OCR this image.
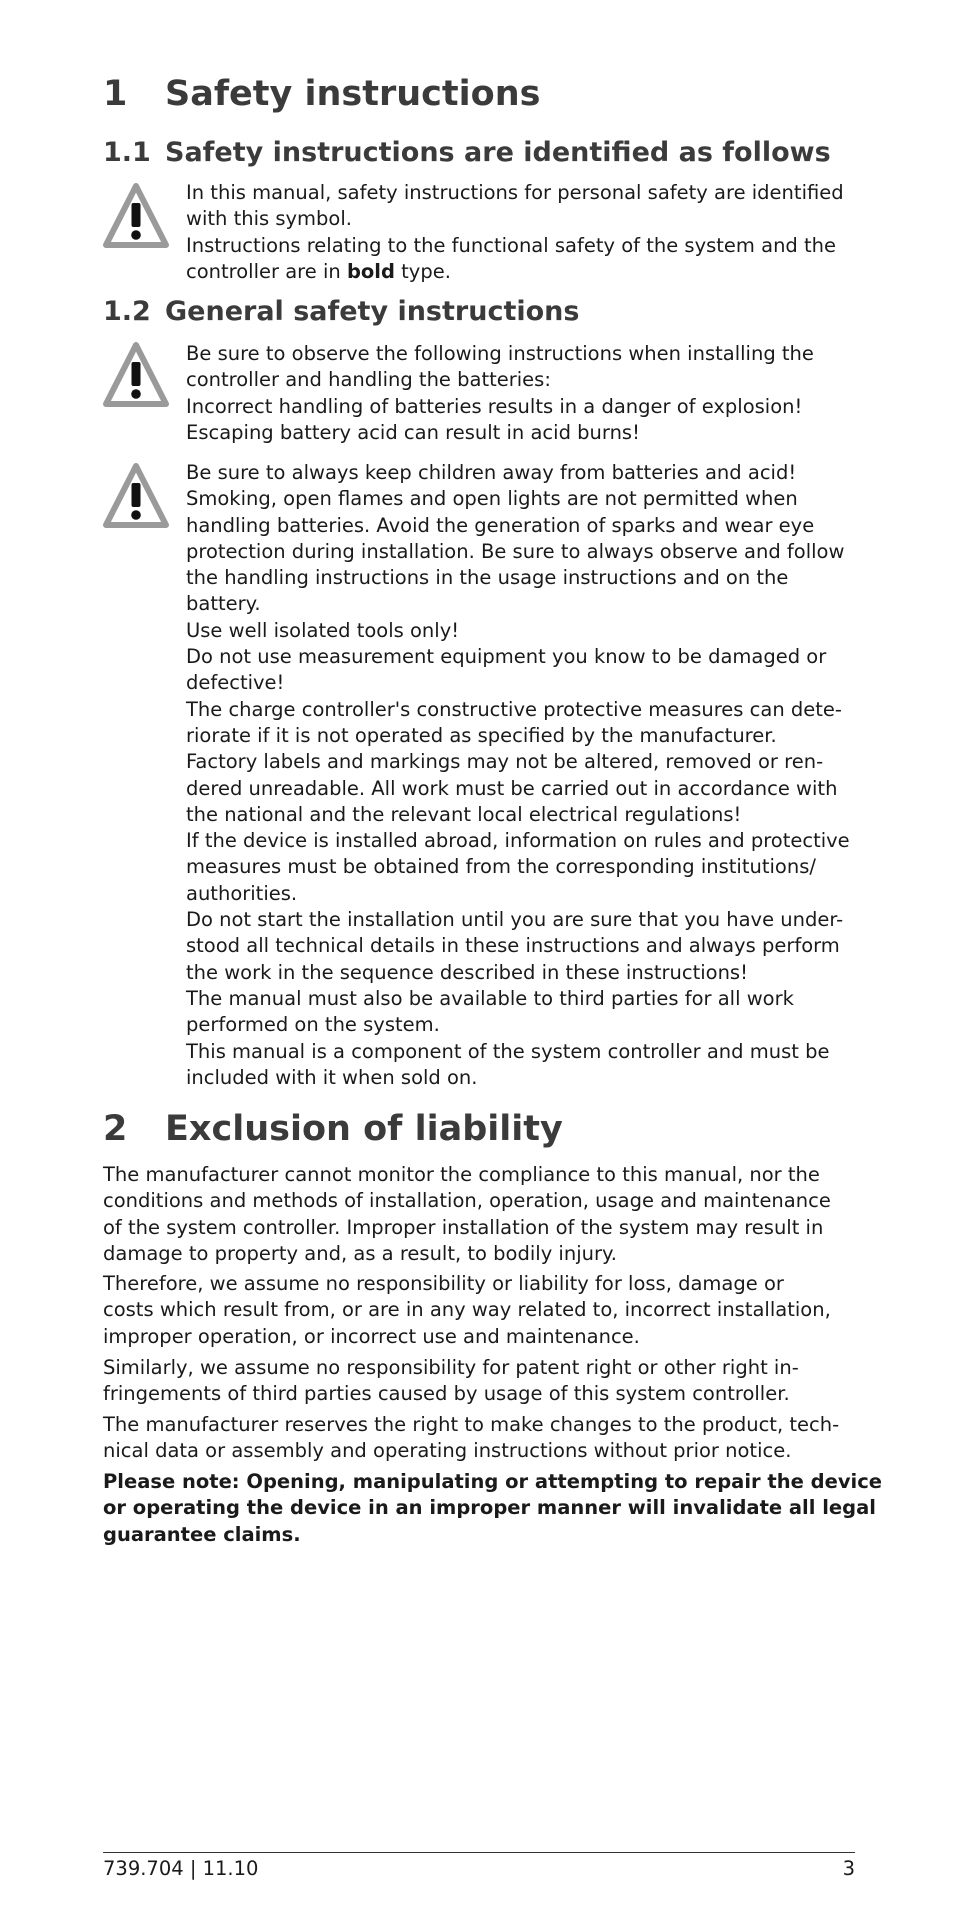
1 Safety instructions
1.1 Safety instructions are identified as follows
In this manual, safety instructions for personal safety are identified
with this symbol.
Instructions relating to the functional safety of the system and the
controller are in bold type.
1.2 General safety instructions
Be sure to observe the following instructions when installing the
controller and handling the batteries:
Incorrect handling of batteries results in a danger of explosion!
Escaping battery acid can result in acid burns!
Be sure to always keep children away from batteries and acid!
Smoking, open flames and open lights are not permitted when
handling batteries. Avoid the generation of sparks and wear eye
protection during installation. Be sure to always observe and follow
the handling instructions in the usage instructions and on the
battery.
Use well isolated tools only!
Do not use measurement equipment you know to be damaged or
defective!
The charge controller's constructive protective measures can dete-
riorate if it is not operated as specified by the manufacturer.
Factory labels and markings may not be altered, removed or ren-
dered unreadable. All work must be carried out in accordance with
the national and the relevant local electrical regulations!
If the device is installed abroad, information on rules and protective
measures must be obtained from the corresponding institutions/
authorities.
Do not start the installation until you are sure that you have under-
stood all technical details in these instructions and always perform
the work in the sequence described in these instructions!
The manual must also be available to third parties for all work
performed on the system.
This manual is a component of the system controller and must be
included with it when sold on.
2 Exclusion of liability
The manufacturer cannot monitor the compliance to this manual, nor the
conditions and methods of installation, operation, usage and maintenance
of the system controller. Improper installation of the system may result in
damage to property and, as a result, to bodily injury.
Therefore, we assume no responsibility or liability for loss, damage or
costs which result from, or are in any way related to, incorrect installation,
improper operation, or incorrect use and maintenance.
Similarly, we assume no responsibility for patent right or other right in-
fringements of third parties caused by usage of this system controller.
The manufacturer reserves the right to make changes to the product, tech-
nical data or assembly and operating instructions without prior notice.
Please note: Opening, manipulating or attempting to repair the device
or operating the device in an improper manner will invalidate all legal
guarantee claims.
739.704 | 11.10	3
